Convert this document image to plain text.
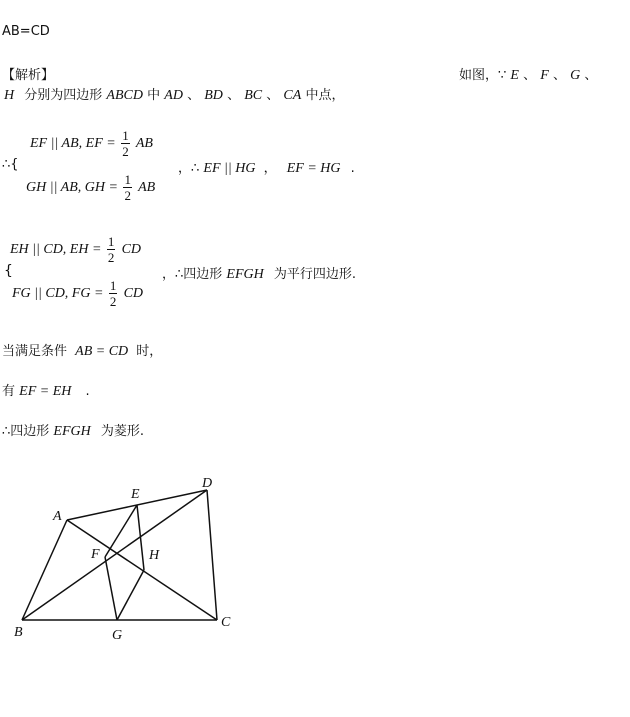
AB=CD
【解析】	如图，∵ E 、 F 、 G 、
H 分别为四边形 ABCD 中 AD 、 BD 、 BC 、 CA 中点，
∴{
EF || AB, EF = $\frac{1}{2}$ AB
GH || AB, GH = $\frac{1}{2}$ AB
，∴ EF || HG ， EF = HG .
{
EH || CD, EH = $\frac{1}{2}$ CD
FG || CD, FG = $\frac{1}{2}$ CD
，∴四边形 EFGH 为平行四边形.
当满足条件 AB = CD 时，
有 EF = EH .
∴四边形 EFGH 为菱形.
A
E
D
F	H
B	G
C
